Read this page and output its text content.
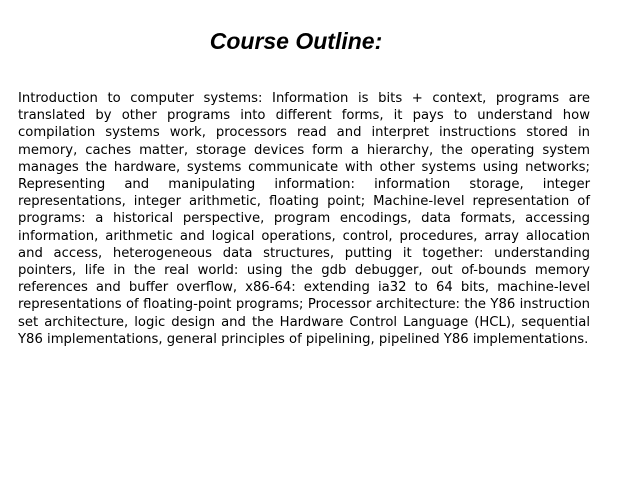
Course Outline:

Introduction to computer systems: Information is bits + context, programs are translated by other programs into different forms, it pays to understand how compilation systems work, processors read and interpret instructions stored in memory, caches matter, storage devices form a hierarchy, the operating system manages the hardware, systems communicate with other systems using networks; Representing and manipulating information: information storage, integer representations, integer arithmetic, floating point; Machine-level representation of programs: a historical perspective, program encodings, data formats, accessing information, arithmetic and logical operations, control, procedures, array allocation and access, heterogeneous data structures, putting it together: understanding pointers, life in the real world: using the gdb debugger, out of-bounds memory references and buffer overflow, x86-64: extending ia32 to 64 bits, machine-level representations of floating-point programs; Processor architecture: the Y86 instruction set architecture, logic design and the Hardware Control Language (HCL), sequential Y86 implementations, general principles of pipelining, pipelined Y86 implementations.
